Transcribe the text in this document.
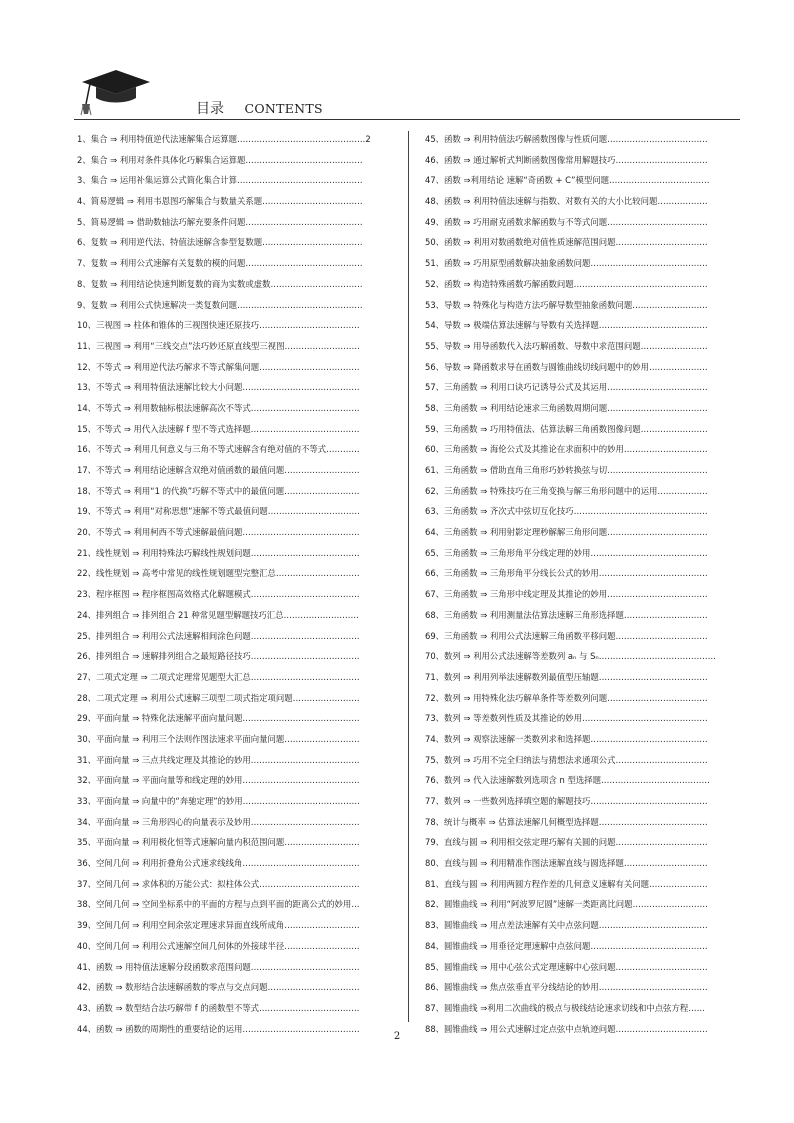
目录 CONTENTS
1、集合 ⇒ 利用特值逆代法速解集合运算题……………………………………….2
2、集合 ⇒ 利用对条件具体化巧解集合运算题……………………………………
3、集合 ⇒ 运用补集运算公式简化集合计算………………………………………
4、简易逻辑 ⇒ 利用韦恩图巧解集合与数量关系题………………………………
5、简易逻辑 ⇒ 借助数轴法巧解充要条件问题……………………………………
6、复数 ⇒ 利用逆代法、特值法速解含参型复数题………………………………
7、复数 ⇒ 利用公式速解有关复数的模的问题……………………………………
8、复数 ⇒ 利用结论快速判断复数的商为实数或虚数……………………………
9、复数 ⇒ 利用公式快速解决一类复数问题………………………………………
10、三视图 ⇒ 柱体和锥体的三视图快速还原技巧………………………………
11、三视图 ⇒ 利用“三线交点”法巧妙还原直线型三视图………………………
12、不等式 ⇒ 利用逆代法巧解求不等式解集问题………………………………
13、不等式 ⇒ 利用特值法速解比较大小问题……………………………………
14、不等式 ⇒ 利用数轴标根法速解高次不等式…………………………………
15、不等式 ⇒ 用代入法速解 f 型不等式选择题…………………………………
16、不等式 ⇒ 利用几何意义与三角不等式速解含有绝对值的不等式…………
17、不等式 ⇒ 利用结论速解含双绝对值函数的最值问题………………………
18、不等式 ⇒ 利用“1 的代换”巧解不等式中的最值问题………………………
19、不等式 ⇒ 利用“对称思想”速解不等式最值问题……………………………
20、不等式 ⇒ 利用柯西不等式速解最值问题……………………………………
21、线性规划 ⇒ 利用特殊法巧解线性规划问题…………………………………
22、线性规划 ⇒ 高考中常见的线性规划题型完整汇总…………………………
23、程序框图 ⇒ 程序框图高效格式化解题模式…………………………………
24、排列组合 ⇒ 排列组合 21 种常见题型解题技巧汇总………………………
25、排列组合 ⇒ 利用公式法速解相间涂色问题…………………………………
26、排列组合 ⇒ 速解排列组合之最短路径技巧…………………………………
27、二项式定理 ⇒ 二项式定理常见题型大汇总…………………………………
28、二项式定理 ⇒ 利用公式速解三项型二项式指定项问题……………………
29、平面向量 ⇒ 特殊化法速解平面向量问题……………………………………
30、平面向量 ⇒ 利用三个法则作图法速求平面向量问题………………………
31、平面向量 ⇒ 三点共线定理及其推论的妙用…………………………………
32、平面向量 ⇒ 平面向量等和线定理的妙用……………………………………
33、平面向量 ⇒ 向量中的“奔驰定理”的妙用……………………………………
34、平面向量 ⇒ 三角形四心的向量表示及妙用…………………………………
35、平面向量 ⇒ 利用极化恒等式速解向量内积范围问题………………………
36、空间几何 ⇒ 利用折叠角公式速求线线角……………………………………
37、空间几何 ⇒ 求体积的万能公式：拟柱体公式………………………………
38、空间几何 ⇒ 空间坐标系中的平面的方程与点到平面的距离公式的妙用…
39、空间几何 ⇒ 利用空间余弦定理速求异面直线所成角………………………
40、空间几何 ⇒ 利用公式速解空间几何体的外接球半径………………………
41、函数 ⇒ 用特值法速解分段函数求范围问题…………………………………
42、函数 ⇒ 数形结合法速解函数的零点与交点问题……………………………
43、函数 ⇒ 数型结合法巧解带 f 的函数型不等式………………………………
44、函数 ⇒ 函数的周期性的重要结论的运用……………………………………
45、函数 ⇒ 利用特值法巧解函数图像与性质问题………………………………
46、函数 ⇒ 通过解析式判断函数图像常用解题技巧……………………………
47、函数 ⇒利用结论 速解“奇函数 + C”模型问题………………………………
48、函数 ⇒ 利用特值法速解与指数、对数有关的大小比较问题………………
49、函数 ⇒ 巧用耐克函数求解函数与不等式问题………………………………
50、函数 ⇒ 利用对数函数绝对值性质速解范围问题……………………………
51、函数 ⇒ 巧用原型函数解决抽象函数问题……………………………………
52、函数 ⇒ 构造特殊函数巧解函数问题…………………………………………
53、导数 ⇒ 特殊化与构造方法巧解导数型抽象函数问题………………………
54、导数 ⇒ 极端估算法速解与导数有关选择题…………………………………
55、导数 ⇒ 用导函数代入法巧解函数、导数中求范围问题……………………
56、导数 ⇒ 降函数求导在函数与圆锥曲线切线问题中的妙用…………………
57、三角函数 ⇒ 利用口诀巧记诱导公式及其运用………………………………
58、三角函数 ⇒ 利用结论速求三角函数周期问题………………………………
59、三角函数 ⇒ 巧用特值法、估算法解三角函数图像问题……………………
60、三角函数 ⇒ 海伦公式及其推论在求面积中的妙用…………………………
61、三角函数 ⇒ 借助直角三角形巧妙转换弦与切………………………………
62、三角函数 ⇒ 特殊技巧在三角变换与解三角形问题中的运用………………
63、三角函数 ⇒ 齐次式中弦切互化技巧…………………………………………
64、三角函数 ⇒ 利用射影定理秒解解三角形问题………………………………
65、三角函数 ⇒ 三角形角平分线定理的妙用……………………………………
66、三角函数 ⇒ 三角形角平分线长公式的妙用…………………………………
67、三角函数 ⇒ 三角形中线定理及其推论的妙用………………………………
68、三角函数 ⇒ 利用测量法估算法速解三角形选择题…………………………
69、三角函数 ⇒ 利用公式法速解三角函数平移问题……………………………
70、数列 ⇒ 利用公式法速解等差数列 aₙ 与 Sₙ……………………………………
71、数列 ⇒ 利用列举法速解数列最值型压轴题…………………………………
72、数列 ⇒ 用特殊化法巧解单条件等差数列问题………………………………
73、数列 ⇒ 等差数列性质及其推论的妙用………………………………………
74、数列 ⇒ 观察法速解一类数列求和选择题……………………………………
75、数列 ⇒ 巧用不完全归纳法与猜想法求通项公式……………………………
76、数列 ⇒ 代入法速解数列选项含 n 型选择题…………………………………
77、数列 ⇒ 一些数列选择填空题的解题技巧……………………………………
78、统计与概率 ⇒ 估算法速解几何概型选择题…………………………………
79、直线与圆 ⇒ 利用相交弦定理巧解有关圆的问题……………………………
80、直线与圆 ⇒ 利用精准作图法速解直线与圆选择题…………………………
81、直线与圆 ⇒ 利用两圆方程作差的几何意义速解有关问题…………………
82、圆锥曲线 ⇒ 利用“阿波罗尼圆”速解一类距离比问题………………………
83、圆锥曲线 ⇒ 用点差法速解有关中点弦问题…………………………………
84、圆锥曲线 ⇒ 用垂径定理速解中点弦问题……………………………………
85、圆锥曲线 ⇒ 用中心弦公式定理速解中心弦问题……………………………
86、圆锥曲线 ⇒ 焦点弦垂直平分线结论的妙用…………………………………
87、圆锥曲线 ⇒利用二次曲线的极点与极线结论速求切线和中点弦方程……
88、圆锥曲线 ⇒ 用公式速解过定点弦中点轨迹问题……………………………
2
